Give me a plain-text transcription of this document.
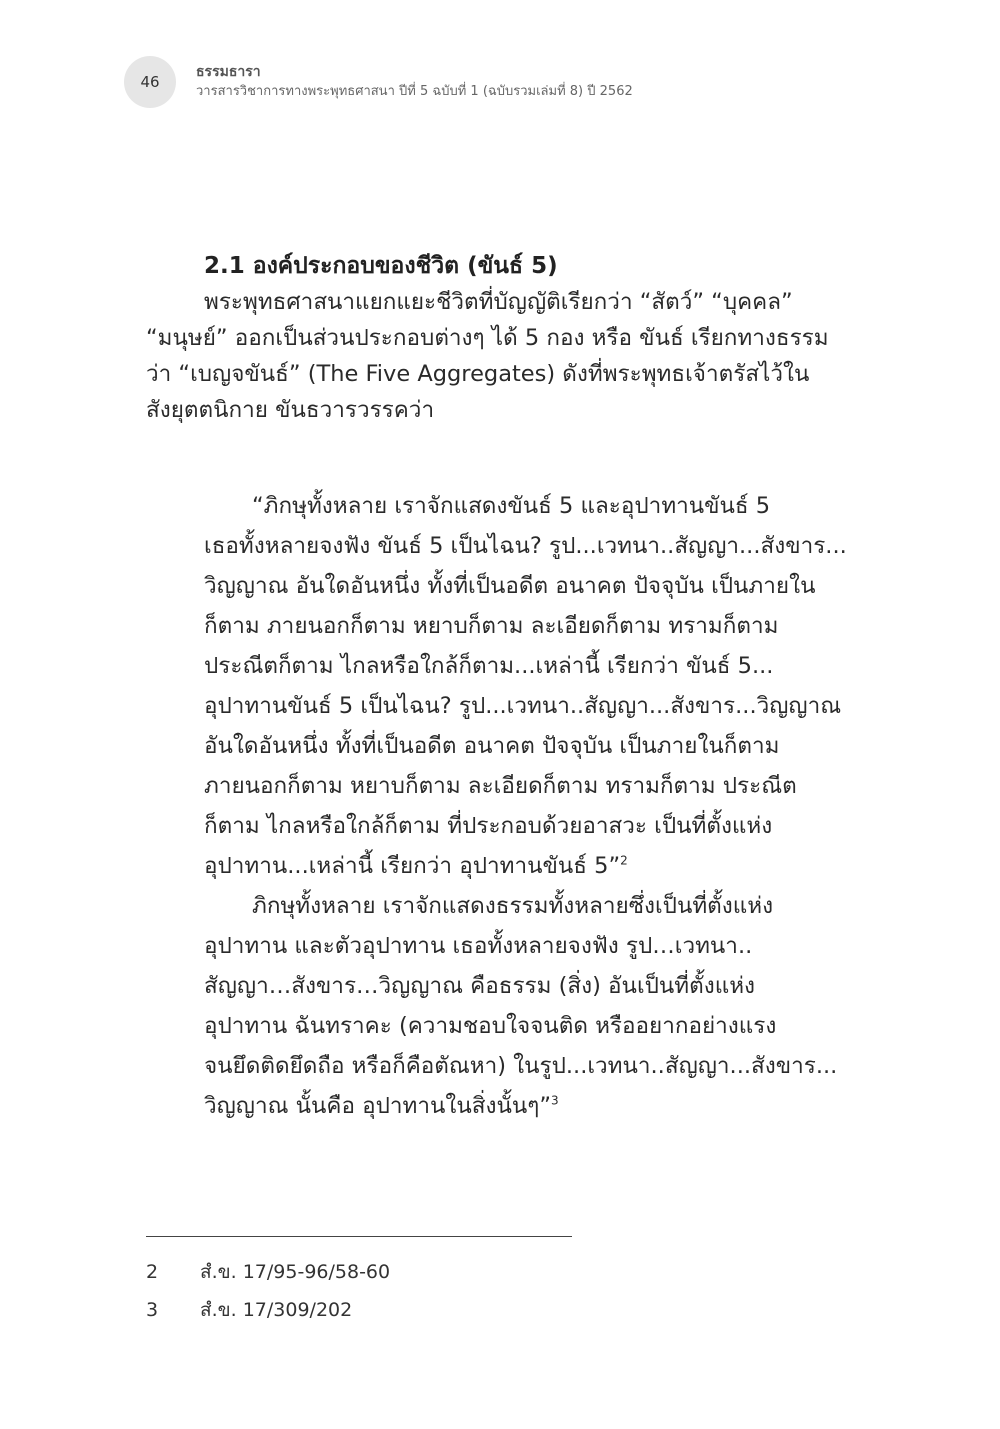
46
ธรรมธารา
วารสารวิชาการทางพระพุทธศาสนา ปีที่ 5 ฉบับที่ 1 (ฉบับรวมเล่มที่ 8) ปี 2562
2.1 องค์ประกอบของชีวิต (ขันธ์ 5)
พระพุทธศาสนาแยกแยะชีวิตที่บัญญัติเรียกว่า “สัตว์” “บุคคล”
“มนุษย์” ออกเป็นส่วนประกอบต่างๆ ได้ 5 กอง หรือ ขันธ์ เรียกทางธรรม
ว่า “เบญจขันธ์” (The Five Aggregates) ดังที่พระพุทธเจ้าตรัสไว้ใน
สังยุตตนิกาย ขันธวารวรรคว่า
“ภิกษุทั้งหลาย เราจักแสดงขันธ์ 5 และอุปาทานขันธ์ 5
เธอทั้งหลายจงฟัง ขันธ์ 5 เป็นไฉน? รูป...เวทนา..สัญญา...สังขาร...
วิญญาณ อันใดอันหนึ่ง ทั้งที่เป็นอดีต อนาคต ปัจจุบัน เป็นภายใน
ก็ตาม ภายนอกก็ตาม หยาบก็ตาม ละเอียดก็ตาม ทรามก็ตาม
ประณีตก็ตาม ไกลหรือใกล้ก็ตาม...เหล่านี้ เรียกว่า ขันธ์ 5...
อุปาทานขันธ์ 5 เป็นไฉน? รูป...เวทนา..สัญญา...สังขาร...วิญญาณ
อันใดอันหนึ่ง ทั้งที่เป็นอดีต อนาคต ปัจจุบัน เป็นภายในก็ตาม
ภายนอกก็ตาม หยาบก็ตาม ละเอียดก็ตาม ทรามก็ตาม ประณีต
ก็ตาม ไกลหรือใกล้ก็ตาม ที่ประกอบด้วยอาสวะ เป็นที่ตั้งแห่ง
อุปาทาน...เหล่านี้ เรียกว่า อุปาทานขันธ์ 5”$^2$
ภิกษุทั้งหลาย เราจักแสดงธรรมทั้งหลายซึ่งเป็นที่ตั้งแห่ง
อุปาทาน และตัวอุปาทาน เธอทั้งหลายจงฟัง รูป…เวทนา..
สัญญา…สังขาร…วิญญาณ คือธรรม (สิ่ง) อันเป็นที่ตั้งแห่ง
อุปาทาน ฉันทราคะ (ความชอบใจจนติด หรืออยากอย่างแรง
จนยึดติดยึดถือ หรือก็คือตัณหา) ในรูป...เวทนา..สัญญา...สังขาร...
วิญญาณ นั้นคือ อุปาทานในสิ่งนั้นๆ”$^3$
2 สํ.ข. 17/95-96/58-60
3 สํ.ข. 17/309/202
